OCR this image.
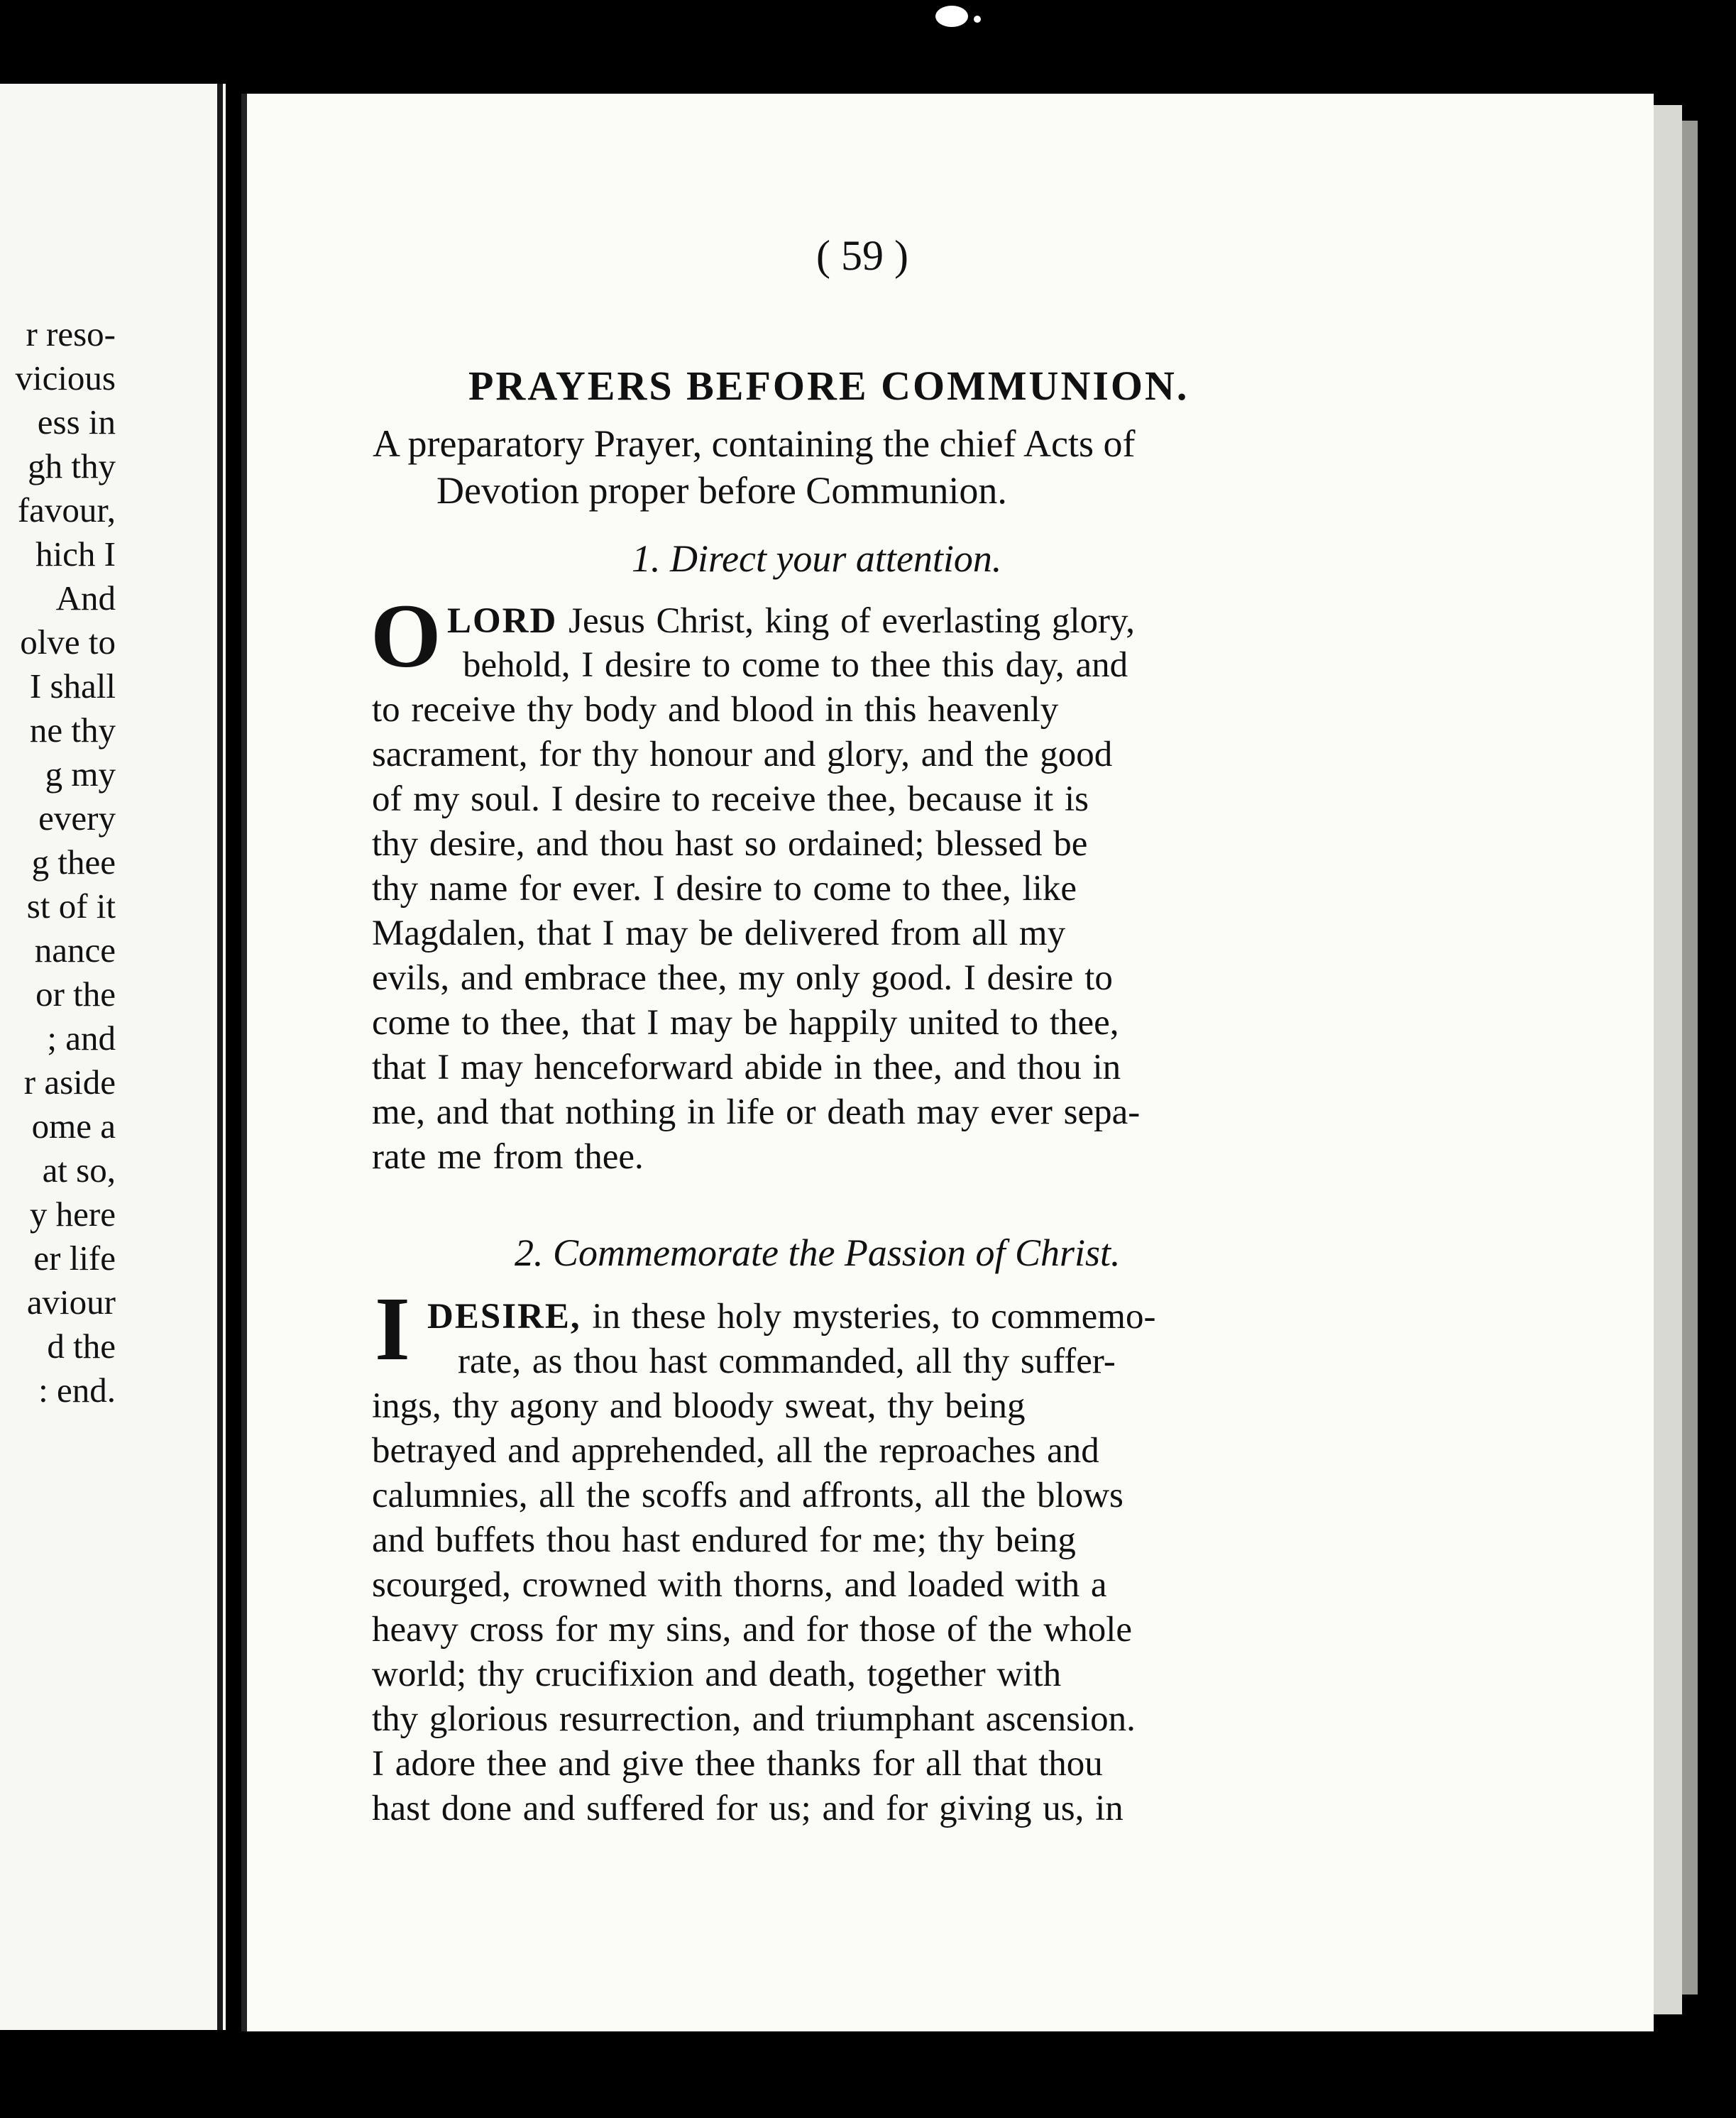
r reso-
vicious
ess in
gh thy
favour,
hich I
And
olve to
I shall
ne thy
g my
every
g thee
st of it
nance
or the
; and
r aside
ome a
at so,
y here
er life
aviour
d the
: end.
( 59 )
PRAYERS BEFORE COMMUNION.
A preparatory Prayer, containing the chief Acts of
Devotion proper before Communion.
1. Direct your attention.
O LORD Jesus Christ, king of everlasting glory,
behold, I desire to come to thee this day, and
to receive thy body and blood in this heavenly
sacrament, for thy honour and glory, and the good
of my soul. I desire to receive thee, because it is
thy desire, and thou hast so ordained; blessed be
thy name for ever. I desire to come to thee, like
Magdalen, that I may be delivered from all my
evils, and embrace thee, my only good. I desire to
come to thee, that I may be happily united to thee,
that I may henceforward abide in thee, and thou in
me, and that nothing in life or death may ever sepa-
rate me from thee.
2. Commemorate the Passion of Christ.
I DESIRE, in these holy mysteries, to commemo-
rate, as thou hast commanded, all thy suffer-
ings, thy agony and bloody sweat, thy being
betrayed and apprehended, all the reproaches and
calumnies, all the scoffs and affronts, all the blows
and buffets thou hast endured for me; thy being
scourged, crowned with thorns, and loaded with a
heavy cross for my sins, and for those of the whole
world; thy crucifixion and death, together with
thy glorious resurrection, and triumphant ascension.
I adore thee and give thee thanks for all that thou
hast done and suffered for us; and for giving us, in
